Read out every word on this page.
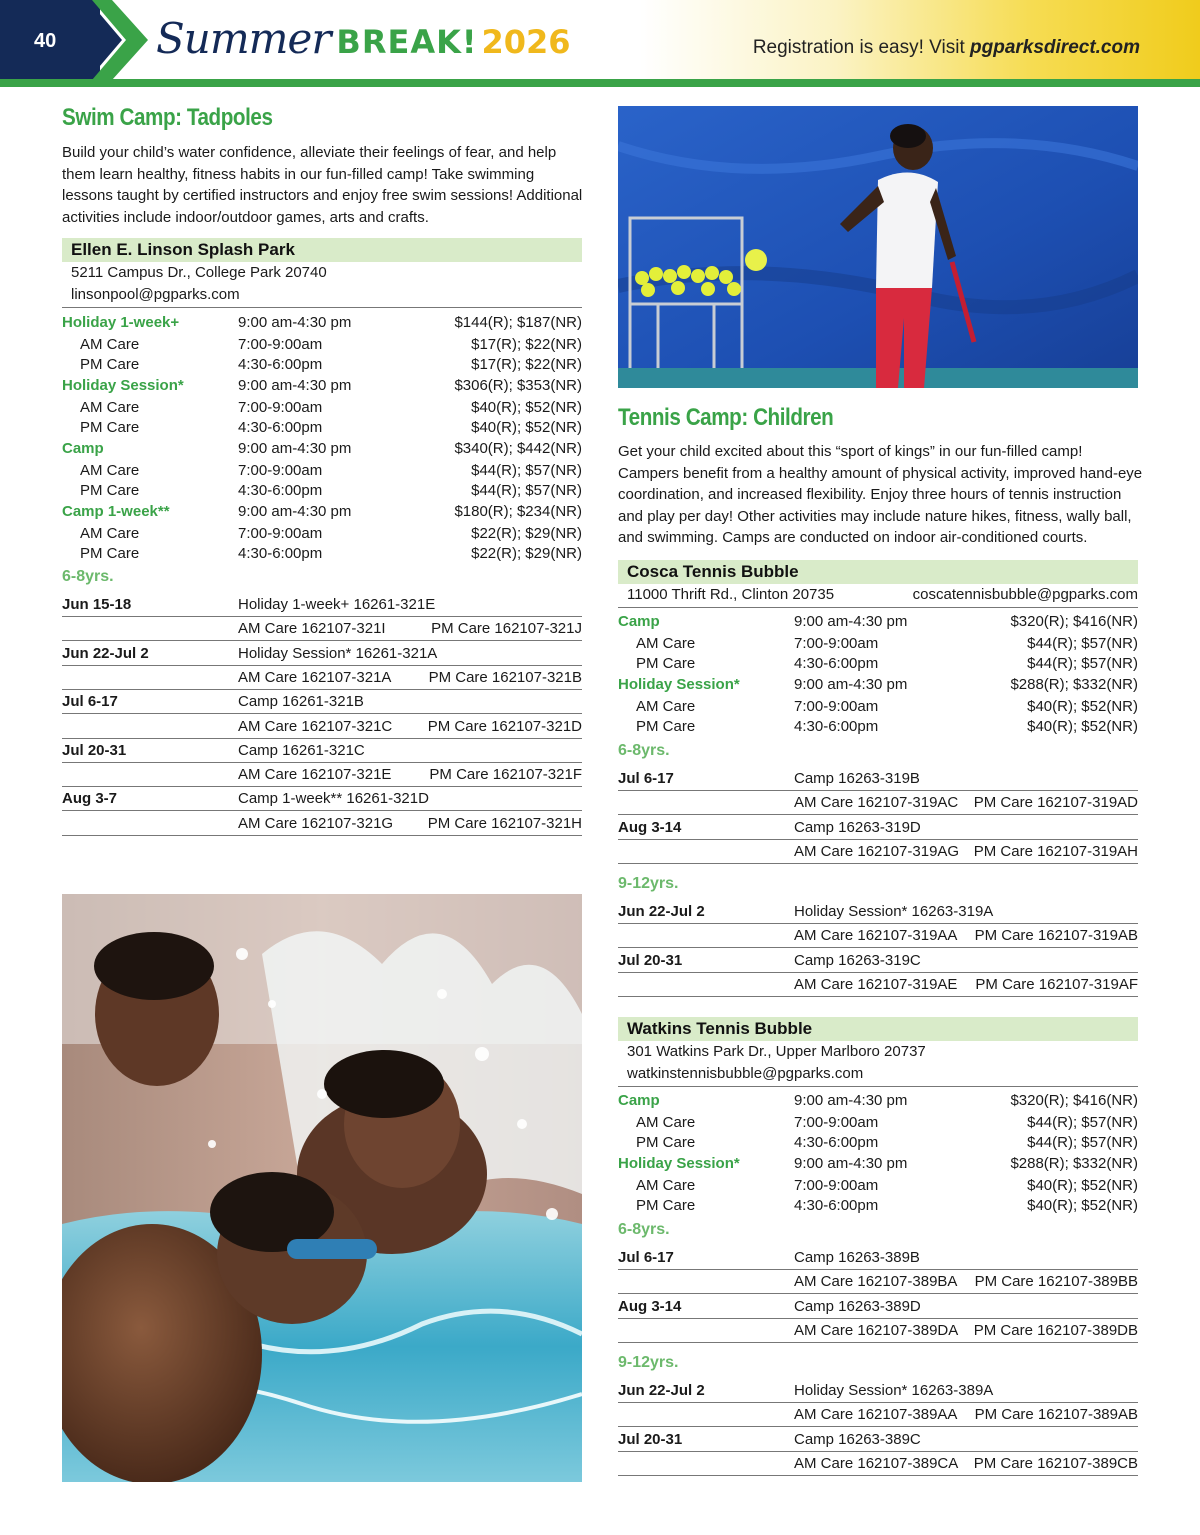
40	Summer BREAK! 2026	Registration is easy! Visit pgparksdirect.com
Swim Camp: Tadpoles
Build your child’s water confidence, alleviate their feelings of fear, and help
them learn healthy, fitness habits in our fun-filled camp! Take swimming
lessons taught by certified instructors and enjoy free swim sessions! Additional
activities include indoor/outdoor games, arts and crafts.
Ellen E. Linson Splash Park
5211 Campus Dr., College Park 20740
linsonpool@pgparks.com
Holiday 1-week+	9:00 am-4:30 pm	$144(R); $187(NR)
AM Care	7:00-9:00am	$17(R); $22(NR)
PM Care	4:30-6:00pm	$17(R); $22(NR)
Holiday Session*	9:00 am-4:30 pm	$306(R); $353(NR)
AM Care	7:00-9:00am	$40(R); $52(NR)
PM Care	4:30-6:00pm	$40(R); $52(NR)
Camp	9:00 am-4:30 pm	$340(R); $442(NR)
AM Care	7:00-9:00am	$44(R); $57(NR)
PM Care	4:30-6:00pm	$44(R); $57(NR)
Camp 1-week**	9:00 am-4:30 pm	$180(R); $234(NR)
AM Care	7:00-9:00am	$22(R); $29(NR)
PM Care	4:30-6:00pm	$22(R); $29(NR)
6-8yrs.
Tennis Camp: Children
Get your child excited about this “sport of kings” in our fun-filled camp!
Campers benefit from a healthy amount of physical activity, improved hand-eye
coordination, and increased flexibility. Enjoy three hours of tennis instruction
and play per day! Other activities may include nature hikes, fitness, wally ball,
and swimming. Camps are conducted on indoor air-conditioned courts.
Cosca Tennis Bubble
11000 Thrift Rd., Clinton 20735	coscatennisbubble@pgparks.com
Camp	9:00 am-4:30 pm	$320(R); $416(NR)
AM Care	7:00-9:00am	$44(R); $57(NR)
PM Care	4:30-6:00pm	$44(R); $57(NR)
Holiday Session*	9:00 am-4:30 pm	$288(R); $332(NR)
AM Care	7:00-9:00am	$40(R); $52(NR)
PM Care	4:30-6:00pm	$40(R); $52(NR)
6-8yrs.
9-12yrs.
Watkins Tennis Bubble
301 Watkins Park Dr., Upper Marlboro 20737
watkinstennisbubble@pgparks.com
Camp	9:00 am-4:30 pm	$320(R); $416(NR)
AM Care	7:00-9:00am	$44(R); $57(NR)
PM Care	4:30-6:00pm	$44(R); $57(NR)
Holiday Session*	9:00 am-4:30 pm	$288(R); $332(NR)
AM Care	7:00-9:00am	$40(R); $52(NR)
PM Care	4:30-6:00pm	$40(R); $52(NR)
6-8yrs.
9-12yrs.
Jun 15-18	Holiday 1-week+ 16261-321E
AM Care 162107-321I	PM Care 162107-321J
Jun 22-Jul 2	Holiday Session* 16261-321A
AM Care 162107-321A PM Care 162107-321B
Jul 6-17	Camp 16261-321B
AM Care 162107-321C PM Care 162107-321D
Jul 20-31	Camp 16261-321C
AM Care 162107-321E	PM Care 162107-321F
Aug 3-7	Camp 1-week** 16261-321D
AM Care 162107-321G PM Care 162107-321H
Jul 6-17	Camp 16263-319B
AM Care 162107-319AC PM Care 162107-319AD
Aug 3-14	Camp 16263-319D
AM Care 162107-319AG PM Care 162107-319AH
Jun 22-Jul 2	Holiday Session* 16263-319A
AM Care 162107-319AA PM Care 162107-319AB
Jul 20-31	Camp 16263-319C
AM Care 162107-319AE PM Care 162107-319AF
Jul 6-17	Camp 16263-389B
AM Care 162107-389BA PM Care 162107-389BB
Aug 3-14	Camp 16263-389D
AM Care 162107-389DA PM Care 162107-389DB
Jun 22-Jul 2	Holiday Session* 16263-389A
AM Care 162107-389AA PM Care 162107-389AB
Jul 20-31	Camp 16263-389C
AM Care 162107-389CA PM Care 162107-389CB
